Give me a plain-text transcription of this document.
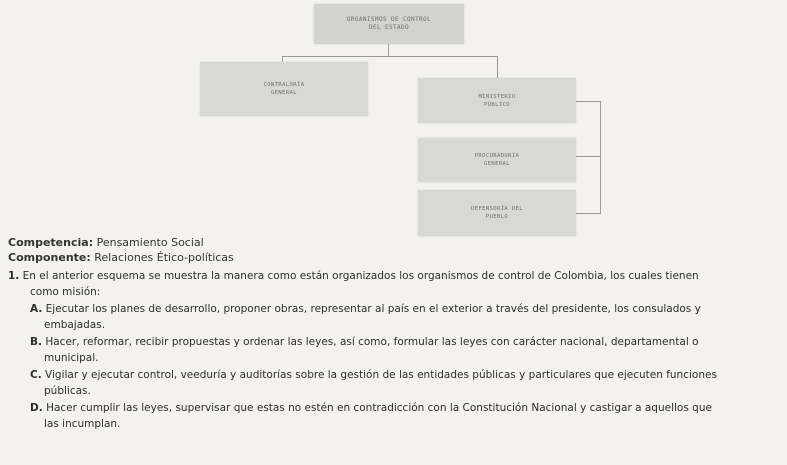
ORGANISMOS DE CONTROL
DEL ESTADO
CONTRALORÍA
GENERAL
MINISTERIO
PÚBLICO
PROCURADURÍA
GENERAL
DEFENSORÍA DEL
PUEBLO
Competencia: Pensamiento Social
Componente: Relaciones Ético-políticas
1. En el anterior esquema se muestra la manera como están organizados los organismos de control de Colombia, los cuales tienen
como misión:
A. Ejecutar los planes de desarrollo, proponer obras, representar al país en el exterior a través del presidente, los consulados y
embajadas.
B. Hacer, reformar, recibir propuestas y ordenar las leyes, así como, formular las leyes con carácter nacional, departamental o
municipal.
C. Vigilar y ejecutar control, veeduría y auditorías sobre la gestión de las entidades públicas y particulares que ejecuten funciones
públicas.
D. Hacer cumplir las leyes, supervisar que estas no estén en contradicción con la Constitución Nacional y castigar a aquellos que
las incumplan.
